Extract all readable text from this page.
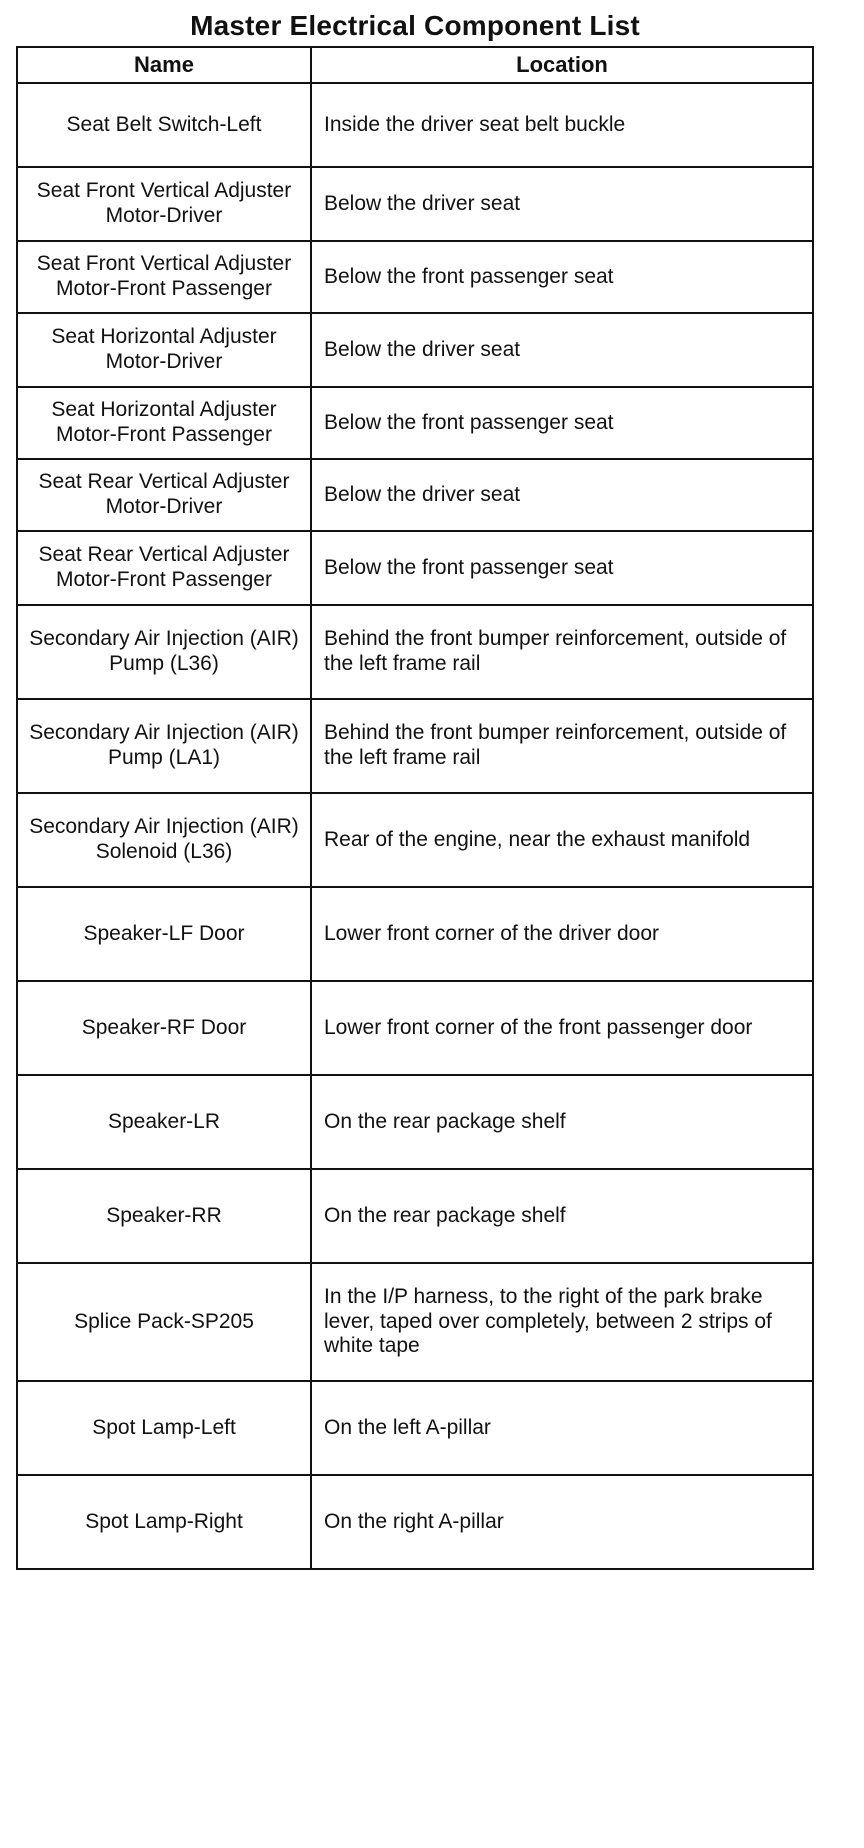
Master Electrical Component List
Name	Location
Seat Belt Switch-Left	Inside the driver seat belt buckle
Seat Front Vertical Adjuster Motor-Driver	Below the driver seat
Seat Front Vertical Adjuster Motor-Front Passenger	Below the front passenger seat
Seat Horizontal Adjuster Motor-Driver	Below the driver seat
Seat Horizontal Adjuster Motor-Front Passenger	Below the front passenger seat
Seat Rear Vertical Adjuster Motor-Driver	Below the driver seat
Seat Rear Vertical Adjuster Motor-Front Passenger	Below the front passenger seat
Secondary Air Injection (AIR) Pump (L36)	Behind the front bumper reinforcement, outside of the left frame rail
Secondary Air Injection (AIR) Pump (LA1)	Behind the front bumper reinforcement, outside of the left frame rail
Secondary Air Injection (AIR) Solenoid (L36)	Rear of the engine, near the exhaust manifold
Speaker-LF Door	Lower front corner of the driver door
Speaker-RF Door	Lower front corner of the front passenger door
Speaker-LR	On the rear package shelf
Speaker-RR	On the rear package shelf
Splice Pack-SP205	In the I/P harness, to the right of the park brake lever, taped over completely, between 2 strips of white tape
Spot Lamp-Left	On the left A-pillar
Spot Lamp-Right	On the right A-pillar
